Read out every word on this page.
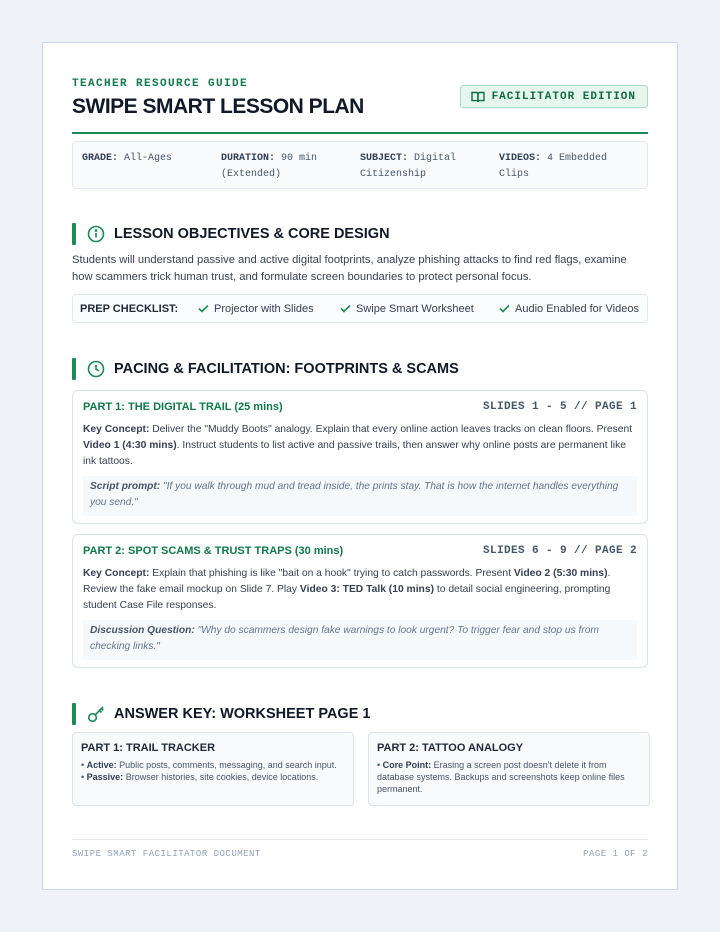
TEACHER RESOURCE GUIDE
SWIPE SMART LESSON PLAN	FACILITATOR EDITION
GRADE: All-Ages	DURATION: 90 min (Extended)
SUBJECT: Digital Citizenship
VIDEOS: 4 Embedded Clips
LESSON OBJECTIVES & CORE DESIGN
Students will understand passive and active digital footprints, analyze phishing attacks to find red flags, examine how scammers trick human trust, and formulate screen boundaries to protect personal focus.
PREP CHECKLIST:	Projector with Slides	Swipe Smart Worksheet	Audio Enabled for Videos
PACING & FACILITATION: FOOTPRINTS & SCAMS
PART 1: THE DIGITAL TRAIL (25 mins)	SLIDES 1 - 5 // PAGE 1
Key Concept: Deliver the "Muddy Boots" analogy. Explain that every online action leaves tracks on clean floors. Present Video 1 (4:30 mins). Instruct students to list active and passive trails, then answer why online posts are permanent like ink tattoos.
Script prompt: "If you walk through mud and tread inside, the prints stay. That is how the internet handles everything you send."
PART 2: SPOT SCAMS & TRUST TRAPS (30 mins)	SLIDES 6 - 9 // PAGE 2
Key Concept: Explain that phishing is like "bait on a hook" trying to catch passwords. Present Video 2 (5:30 mins). Review the fake email mockup on Slide 7. Play Video 3: TED Talk (10 mins) to detail social engineering, prompting student Case File responses.
Discussion Question: "Why do scammers design fake warnings to look urgent? To trigger fear and stop us from checking links."
ANSWER KEY: WORKSHEET PAGE 1
PART 1: TRAIL TRACKER
• Active: Public posts, comments, messaging, and search input.
• Passive: Browser histories, site cookies, device locations.
PART 2: TATTOO ANALOGY
• Core Point: Erasing a screen post doesn't delete it from database systems. Backups and screenshots keep online files permanent.
SWIPE SMART FACILITATOR DOCUMENT	PAGE 1 OF 2
